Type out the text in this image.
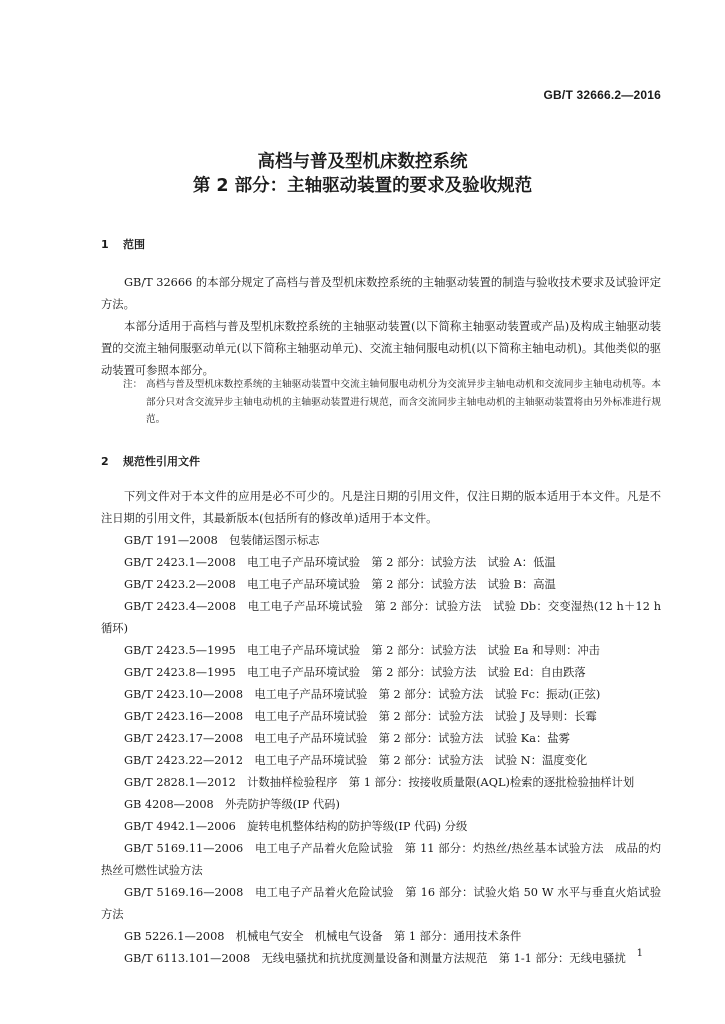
GB/T 32666.2—2016
高档与普及型机床数控系统
第 2 部分：主轴驱动装置的要求及验收规范
1 范围

GB/T 32666 的本部分规定了高档与普及型机床数控系统的主轴驱动装置的制造与验收技术要求及试验评定方法。

本部分适用于高档与普及型机床数控系统的主轴驱动装置(以下简称主轴驱动装置或产品)及构成主轴驱动装置的交流主轴伺服驱动单元(以下简称主轴驱动单元)、交流主轴伺服电动机(以下简称主轴电动机)。其他类似的驱动装置可参照本部分。

注： 高档与普及型机床数控系统的主轴驱动装置中交流主轴伺服电动机分为交流异步主轴电动机和交流同步主轴电动机等。本部分只对含交流异步主轴电动机的主轴驱动装置进行规范，而含交流同步主轴电动机的主轴驱动装置将由另外标准进行规范。

2 规范性引用文件

下列文件对于本文件的应用是必不可少的。凡是注日期的引用文件，仅注日期的版本适用于本文件。凡是不注日期的引用文件，其最新版本(包括所有的修改单)适用于本文件。

GB/T 191—2008　包装储运图示标志

GB/T 2423.1—2008　电工电子产品环境试验　第 2 部分：试验方法　试验 A：低温

GB/T 2423.2—2008　电工电子产品环境试验　第 2 部分：试验方法　试验 B：高温

GB/T 2423.4—2008　电工电子产品环境试验　第 2 部分：试验方法　试验 Db：交变湿热(12 h＋12 h 循环)

GB/T 2423.5—1995　电工电子产品环境试验　第 2 部分：试验方法　试验 Ea 和导则：冲击

GB/T 2423.8—1995　电工电子产品环境试验　第 2 部分：试验方法　试验 Ed：自由跌落

GB/T 2423.10—2008　电工电子产品环境试验　第 2 部分：试验方法　试验 Fc：振动(正弦)

GB/T 2423.16—2008　电工电子产品环境试验　第 2 部分：试验方法　试验 J 及导则：长霉

GB/T 2423.17—2008　电工电子产品环境试验　第 2 部分：试验方法　试验 Ka：盐雾

GB/T 2423.22—2012　电工电子产品环境试验　第 2 部分：试验方法　试验 N：温度变化

GB/T 2828.1—2012　计数抽样检验程序　第 1 部分：按接收质量限(AQL)检索的逐批检验抽样计划

GB 4208—2008　外壳防护等级(IP 代码)

GB/T 4942.1—2006　旋转电机整体结构的防护等级(IP 代码) 分级

GB/T 5169.11—2006　电工电子产品着火危险试验　第 11 部分：灼热丝/热丝基本试验方法　成品的灼热丝可燃性试验方法

GB/T 5169.16—2008　电工电子产品着火危险试验　第 16 部分：试验火焰 50 W 水平与垂直火焰试验方法

GB 5226.1—2008　机械电气安全　机械电气设备　第 1 部分：通用技术条件

GB/T 6113.101—2008　无线电骚扰和抗扰度测量设备和测量方法规范　第 1-1 部分：无线电骚扰	1
